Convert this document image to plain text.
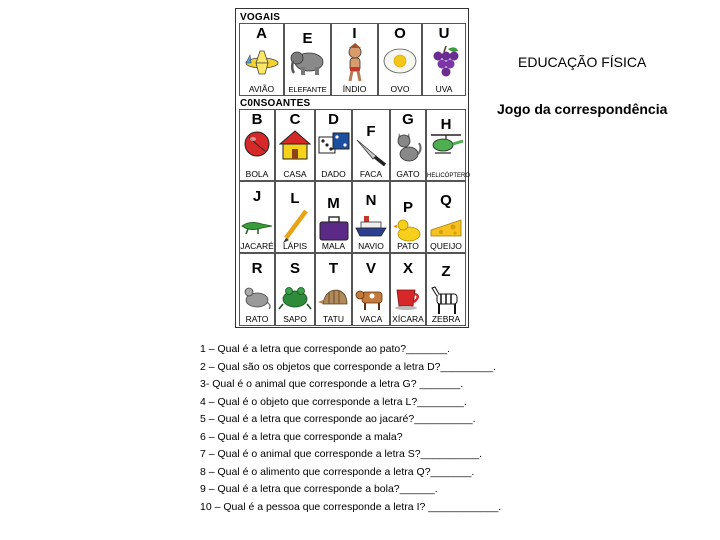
EDUCAÇÃO FÍSICA
Jogo da correspondência
VOGAIS
C0NSOANTES
A
AVIÃO
E
ELEFANTE
I
ÍNDIO
O
OVO
U
UVA
B
BOLA
C
CASA
D
DADO
F
FACA
G
GATO
H
HELICÓPTERO
J
JACARÉ
L
LÁPIS
M
MALA
N
NAVIO
P
PATO
Q
QUEIJO
R
RATO
S
SAPO
T
TATU
V
VACA
X
XÍCARA
Z
ZEBRA
1 – Qual é a letra que corresponde ao pato?_______.
2 – Qual são os objetos que corresponde a letra D?_________.
3- Qual é o animal que corresponde a letra G? _______.
4 – Qual é o objeto que corresponde a letra L?________.
5 – Qual é a letra que corresponde ao jacaré?__________.
6 – Qual é a letra que corresponde a mala?
7 – Qual é o animal que corresponde a letra S?__________.
8 – Qual é o alimento que corresponde a letra Q?_______.
9 – Qual é a letra que corresponde a bola?______.
10 – Qual é a pessoa que corresponde a letra I? ____________.
